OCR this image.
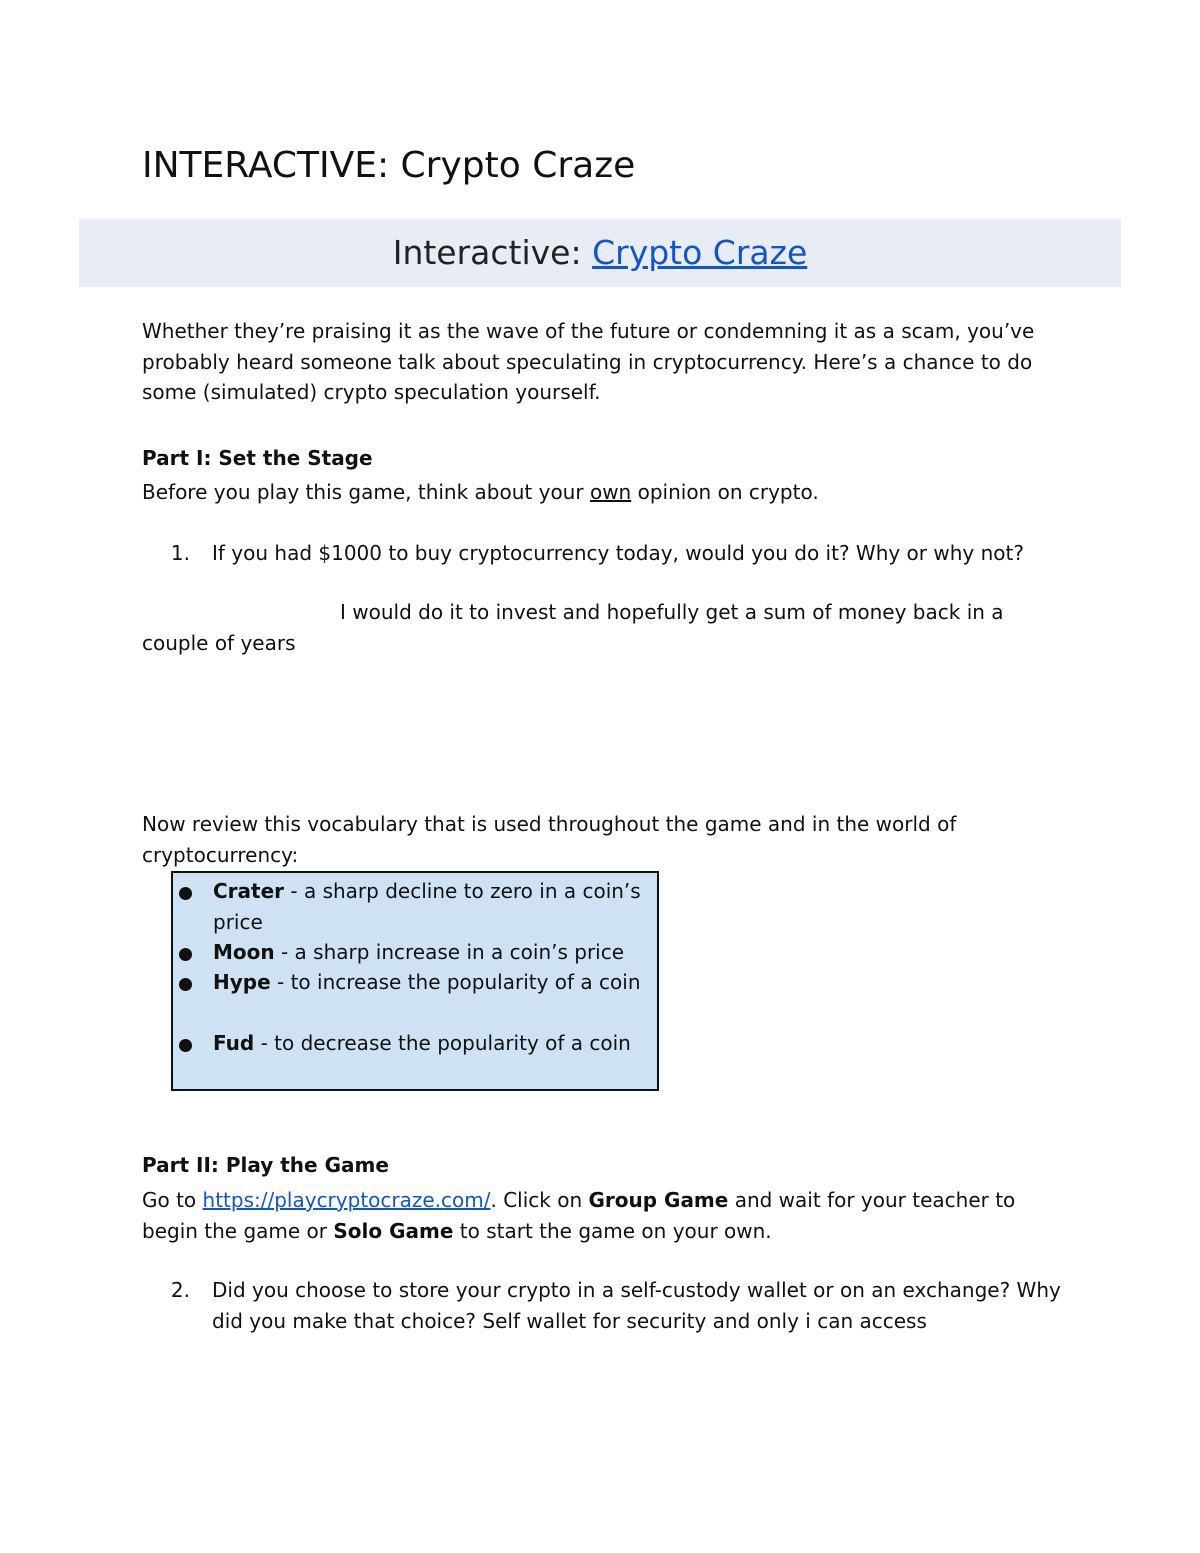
INTERACTIVE: Crypto Craze
Interactive: Crypto Craze
Whether they’re praising it as the wave of the future or condemning it as a scam, you’ve probably heard someone talk about speculating in cryptocurrency. Here’s a chance to do some (simulated) crypto speculation yourself.
Part I: Set the Stage
Before you play this game, think about your own opinion on crypto.
1. If you had $1000 to buy cryptocurrency today, would you do it? Why or why not?
I would do it to invest and hopefully get a sum of money back in a
couple of years
Now review this vocabulary that is used throughout the game and in the world of cryptocurrency:
Crater - a sharp decline to zero in a coin’s price
Moon - a sharp increase in a coin’s price
Hype - to increase the popularity of a coin
Fud - to decrease the popularity of a coin
Part II: Play the Game
Go to https://playcryptocraze.com/. Click on Group Game and wait for your teacher to begin the game or Solo Game to start the game on your own.
2. Did you choose to store your crypto in a self-custody wallet or on an exchange? Why did you make that choice? Self wallet for security and only i can access
